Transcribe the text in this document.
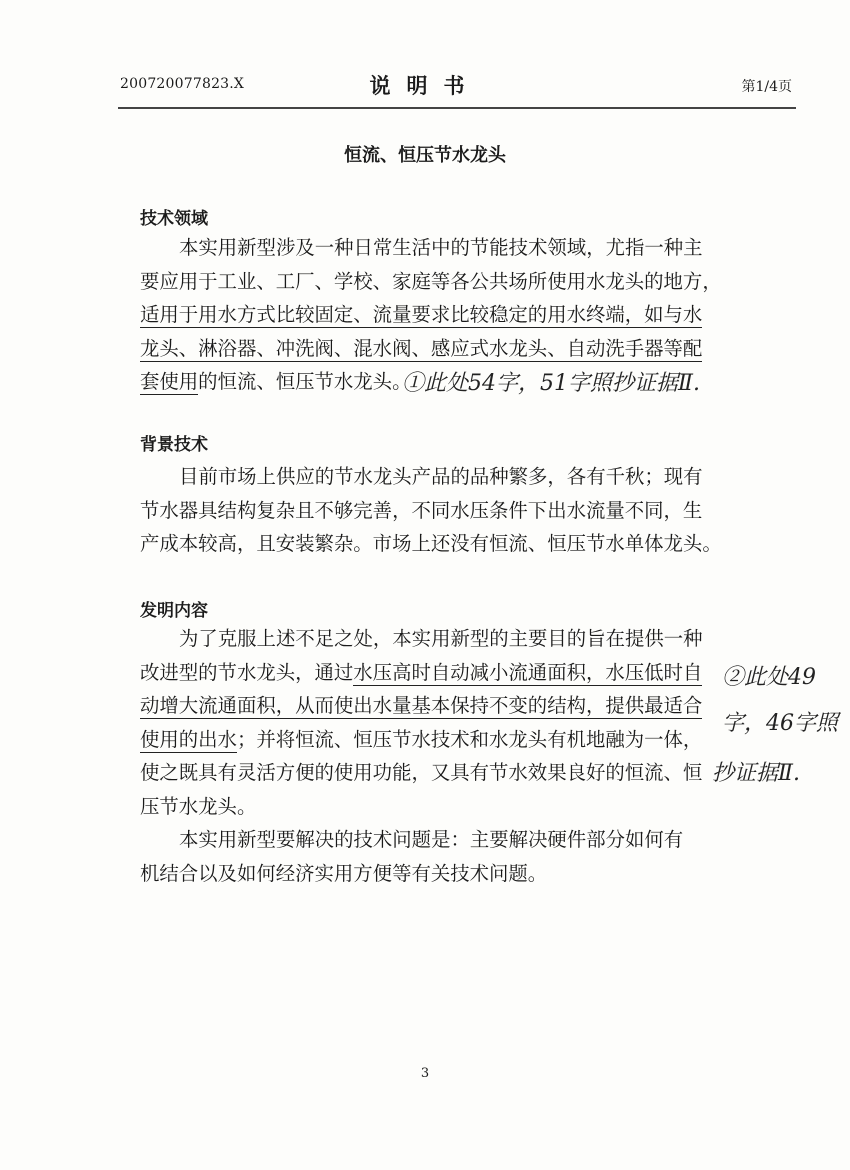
200720077823.X	说明书	第1/4页
恒流、恒压节水龙头
技术领域
本实用新型涉及一种日常生活中的节能技术领域，尤指一种主
要应用于工业、工厂、学校、家庭等各公共场所使用水龙头的地方，
适用于用水方式比较固定、流量要求比较稳定的用水终端，如与水
龙头、淋浴器、冲洗阀、混水阀、感应式水龙头、自动洗手器等配
套使用的恒流、恒压节水龙头。
①此处54字，51字照抄证据Ⅱ.
背景技术
目前市场上供应的节水龙头产品的品种繁多，各有千秋；现有
节水器具结构复杂且不够完善，不同水压条件下出水流量不同，生
产成本较高，且安装繁杂。市场上还没有恒流、恒压节水单体龙头。
发明内容
为了克服上述不足之处，本实用新型的主要目的旨在提供一种
改进型的节水龙头，通过水压高时自动减小流通面积，水压低时自
动增大流通面积，从而使出水量基本保持不变的结构，提供最适合
使用的出水；并将恒流、恒压节水技术和水龙头有机地融为一体，
使之既具有灵活方便的使用功能，又具有节水效果良好的恒流、恒
压节水龙头。
本实用新型要解决的技术问题是：主要解决硬件部分如何有
机结合以及如何经济实用方便等有关技术问题。
②此处49
字，46字照
抄证据Ⅱ.
3
